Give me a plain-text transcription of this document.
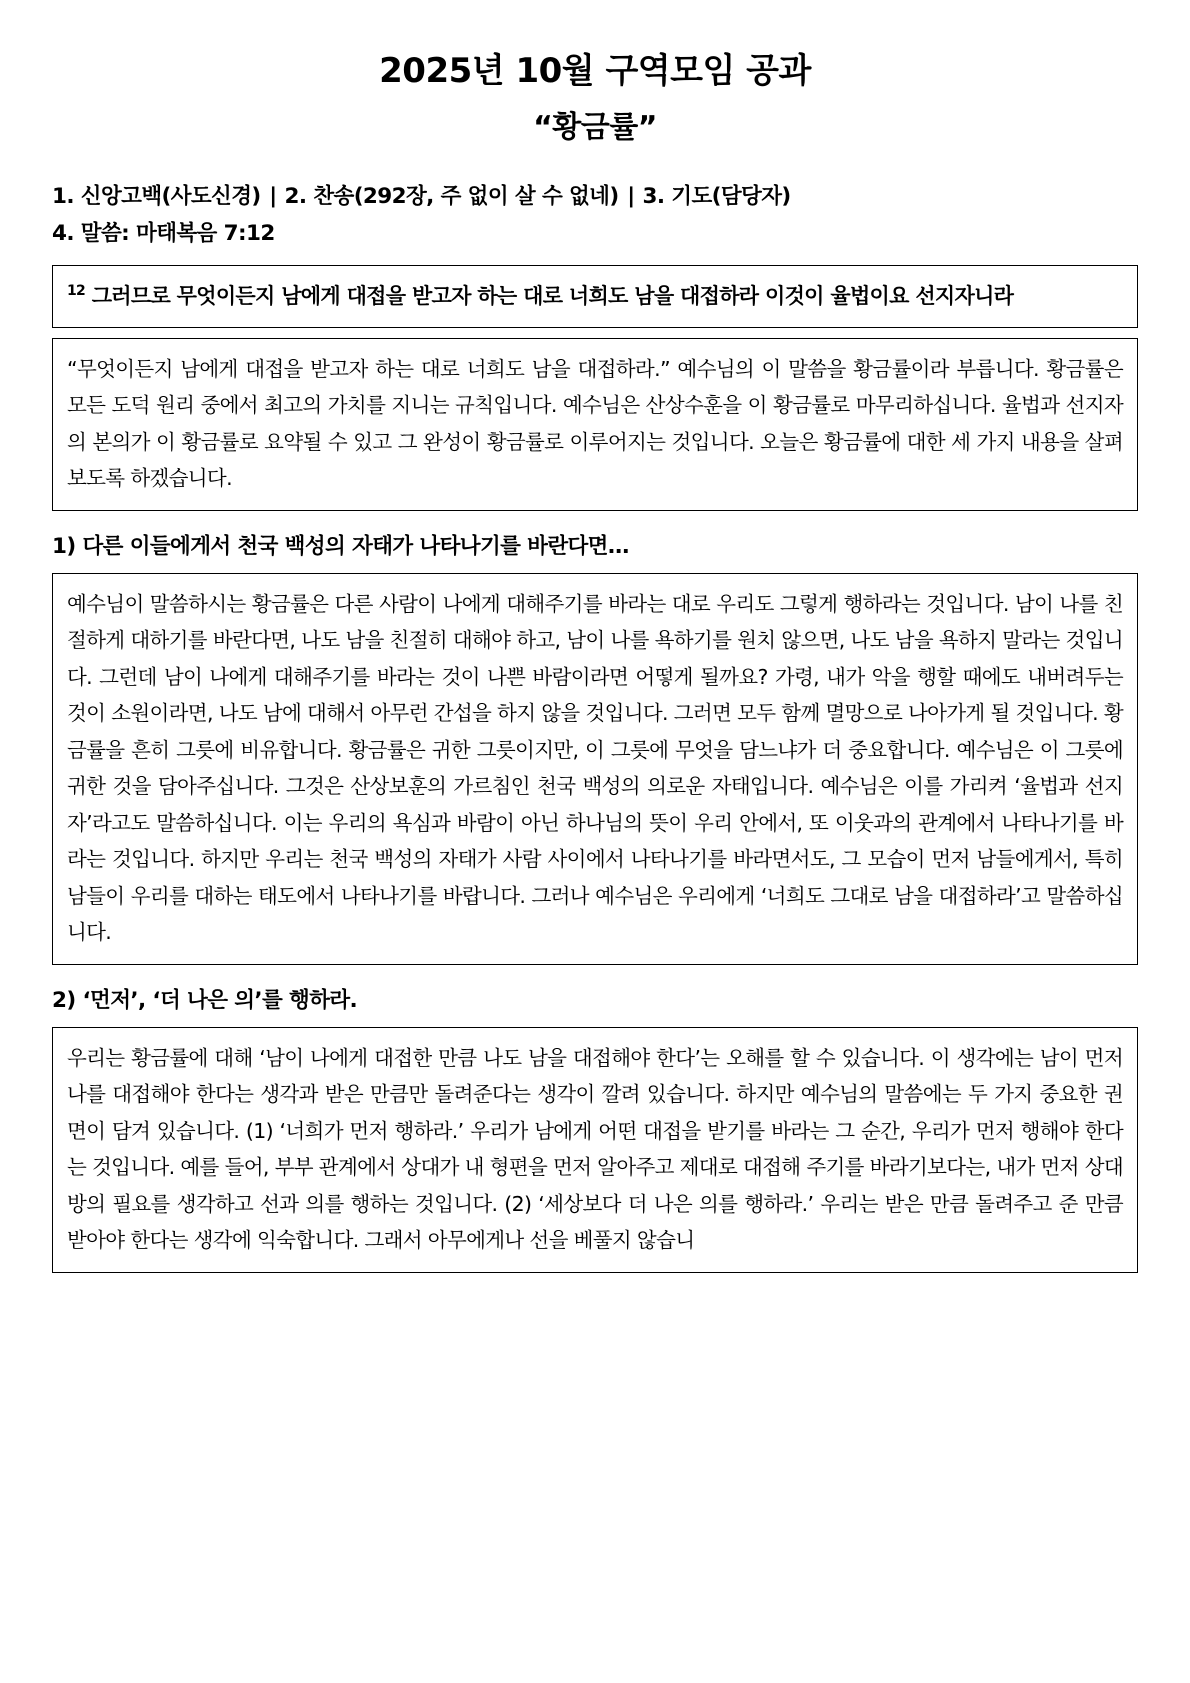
2025년 10월 구역모임 공과
“황금률”

1. 신앙고백(사도신경) ∣ 2. 찬송(292장, 주 없이 살 수 없네) ∣ 3. 기도(담당자)

4. 말씀: 마태복음 7:12

$^{12}$ 그러므로 무엇이든지 남에게 대접을 받고자 하는 대로 너희도 남을 대접하라 이것이 율법이요 선지자니라

“무엇이든지 남에게 대접을 받고자 하는 대로 너희도 남을 대접하라.” 예수님의 이 말씀을 황금률이라 부릅니다. 황금률은 모든 도덕 원리 중에서 최고의 가치를 지니는 규칙입니다. 예수님은 산상수훈을 이 황금률로 마무리하십니다. 율법과 선지자의 본의가 이 황금률로 요약될 수 있고 그 완성이 황금률로 이루어지는 것입니다. 오늘은 황금률에 대한 세 가지 내용을 살펴보도록 하겠습니다.

1) 다른 이들에게서 천국 백성의 자태가 나타나기를 바란다면…

예수님이 말씀하시는 황금률은 다른 사람이 나에게 대해주기를 바라는 대로 우리도 그렇게 행하라는 것입니다. 남이 나를 친절하게 대하기를 바란다면, 나도 남을 친절히 대해야 하고, 남이 나를 욕하기를 원치 않으면, 나도 남을 욕하지 말라는 것입니다. 그런데 남이 나에게 대해주기를 바라는 것이 나쁜 바람이라면 어떻게 될까요? 가령, 내가 악을 행할 때에도 내버려두는 것이 소원이라면, 나도 남에 대해서 아무런 간섭을 하지 않을 것입니다. 그러면 모두 함께 멸망으로 나아가게 될 것입니다. 황금률을 흔히 그릇에 비유합니다. 황금률은 귀한 그릇이지만, 이 그릇에 무엇을 담느냐가 더 중요합니다. 예수님은 이 그릇에 귀한 것을 담아주십니다. 그것은 산상보훈의 가르침인 천국 백성의 의로운 자태입니다. 예수님은 이를 가리켜 ‘율법과 선지자’라고도 말씀하십니다. 이는 우리의 욕심과 바람이 아닌 하나님의 뜻이 우리 안에서, 또 이웃과의 관계에서 나타나기를 바라는 것입니다. 하지만 우리는 천국 백성의 자태가 사람 사이에서 나타나기를 바라면서도, 그 모습이 먼저 남들에게서, 특히 남들이 우리를 대하는 태도에서 나타나기를 바랍니다. 그러나 예수님은 우리에게 ‘너희도 그대로 남을 대접하라’고 말씀하십니다.

2) ‘먼저’, ‘더 나은 의’를 행하라.

우리는 황금률에 대해 ‘남이 나에게 대접한 만큼 나도 남을 대접해야 한다’는 오해를 할 수 있습니다. 이 생각에는 남이 먼저 나를 대접해야 한다는 생각과 받은 만큼만 돌려준다는 생각이 깔려 있습니다. 하지만 예수님의 말씀에는 두 가지 중요한 권면이 담겨 있습니다. (1) ‘너희가 먼저 행하라.’ 우리가 남에게 어떤 대접을 받기를 바라는 그 순간, 우리가 먼저 행해야 한다는 것입니다. 예를 들어, 부부 관계에서 상대가 내 형편을 먼저 알아주고 제대로 대접해 주기를 바라기보다는, 내가 먼저 상대방의 필요를 생각하고 선과 의를 행하는 것입니다. (2) ‘세상보다 더 나은 의를 행하라.’ 우리는 받은 만큼 돌려주고 준 만큼 받아야 한다는 생각에 익숙합니다. 그래서 아무에게나 선을 베풀지 않습니
